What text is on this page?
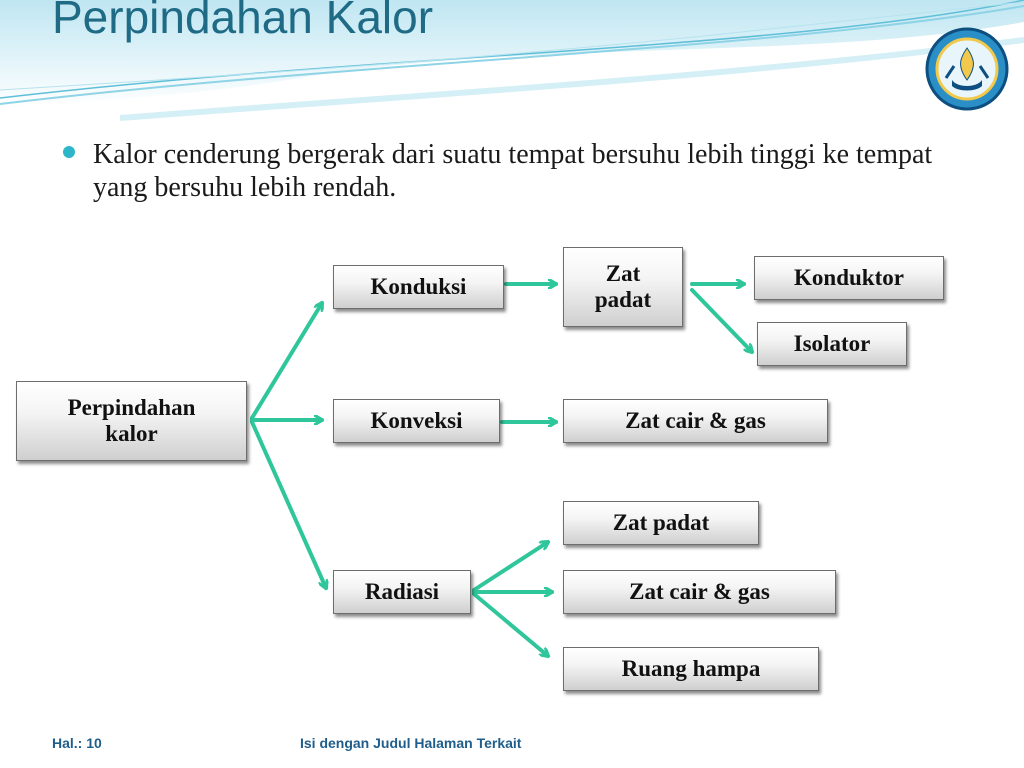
Perpindahan Kalor

Kalor cenderung bergerak dari suatu tempat bersuhu lebih tinggi ke tempat yang bersuhu lebih rendah.

Perpindahan kalor
Konduksi
Konveksi
Radiasi
Zat padat
Konduktor
Isolator
Zat cair & gas
Zat padat
Zat cair & gas
Ruang hampa
Hal.: 10	Isi dengan Judul Halaman Terkait
